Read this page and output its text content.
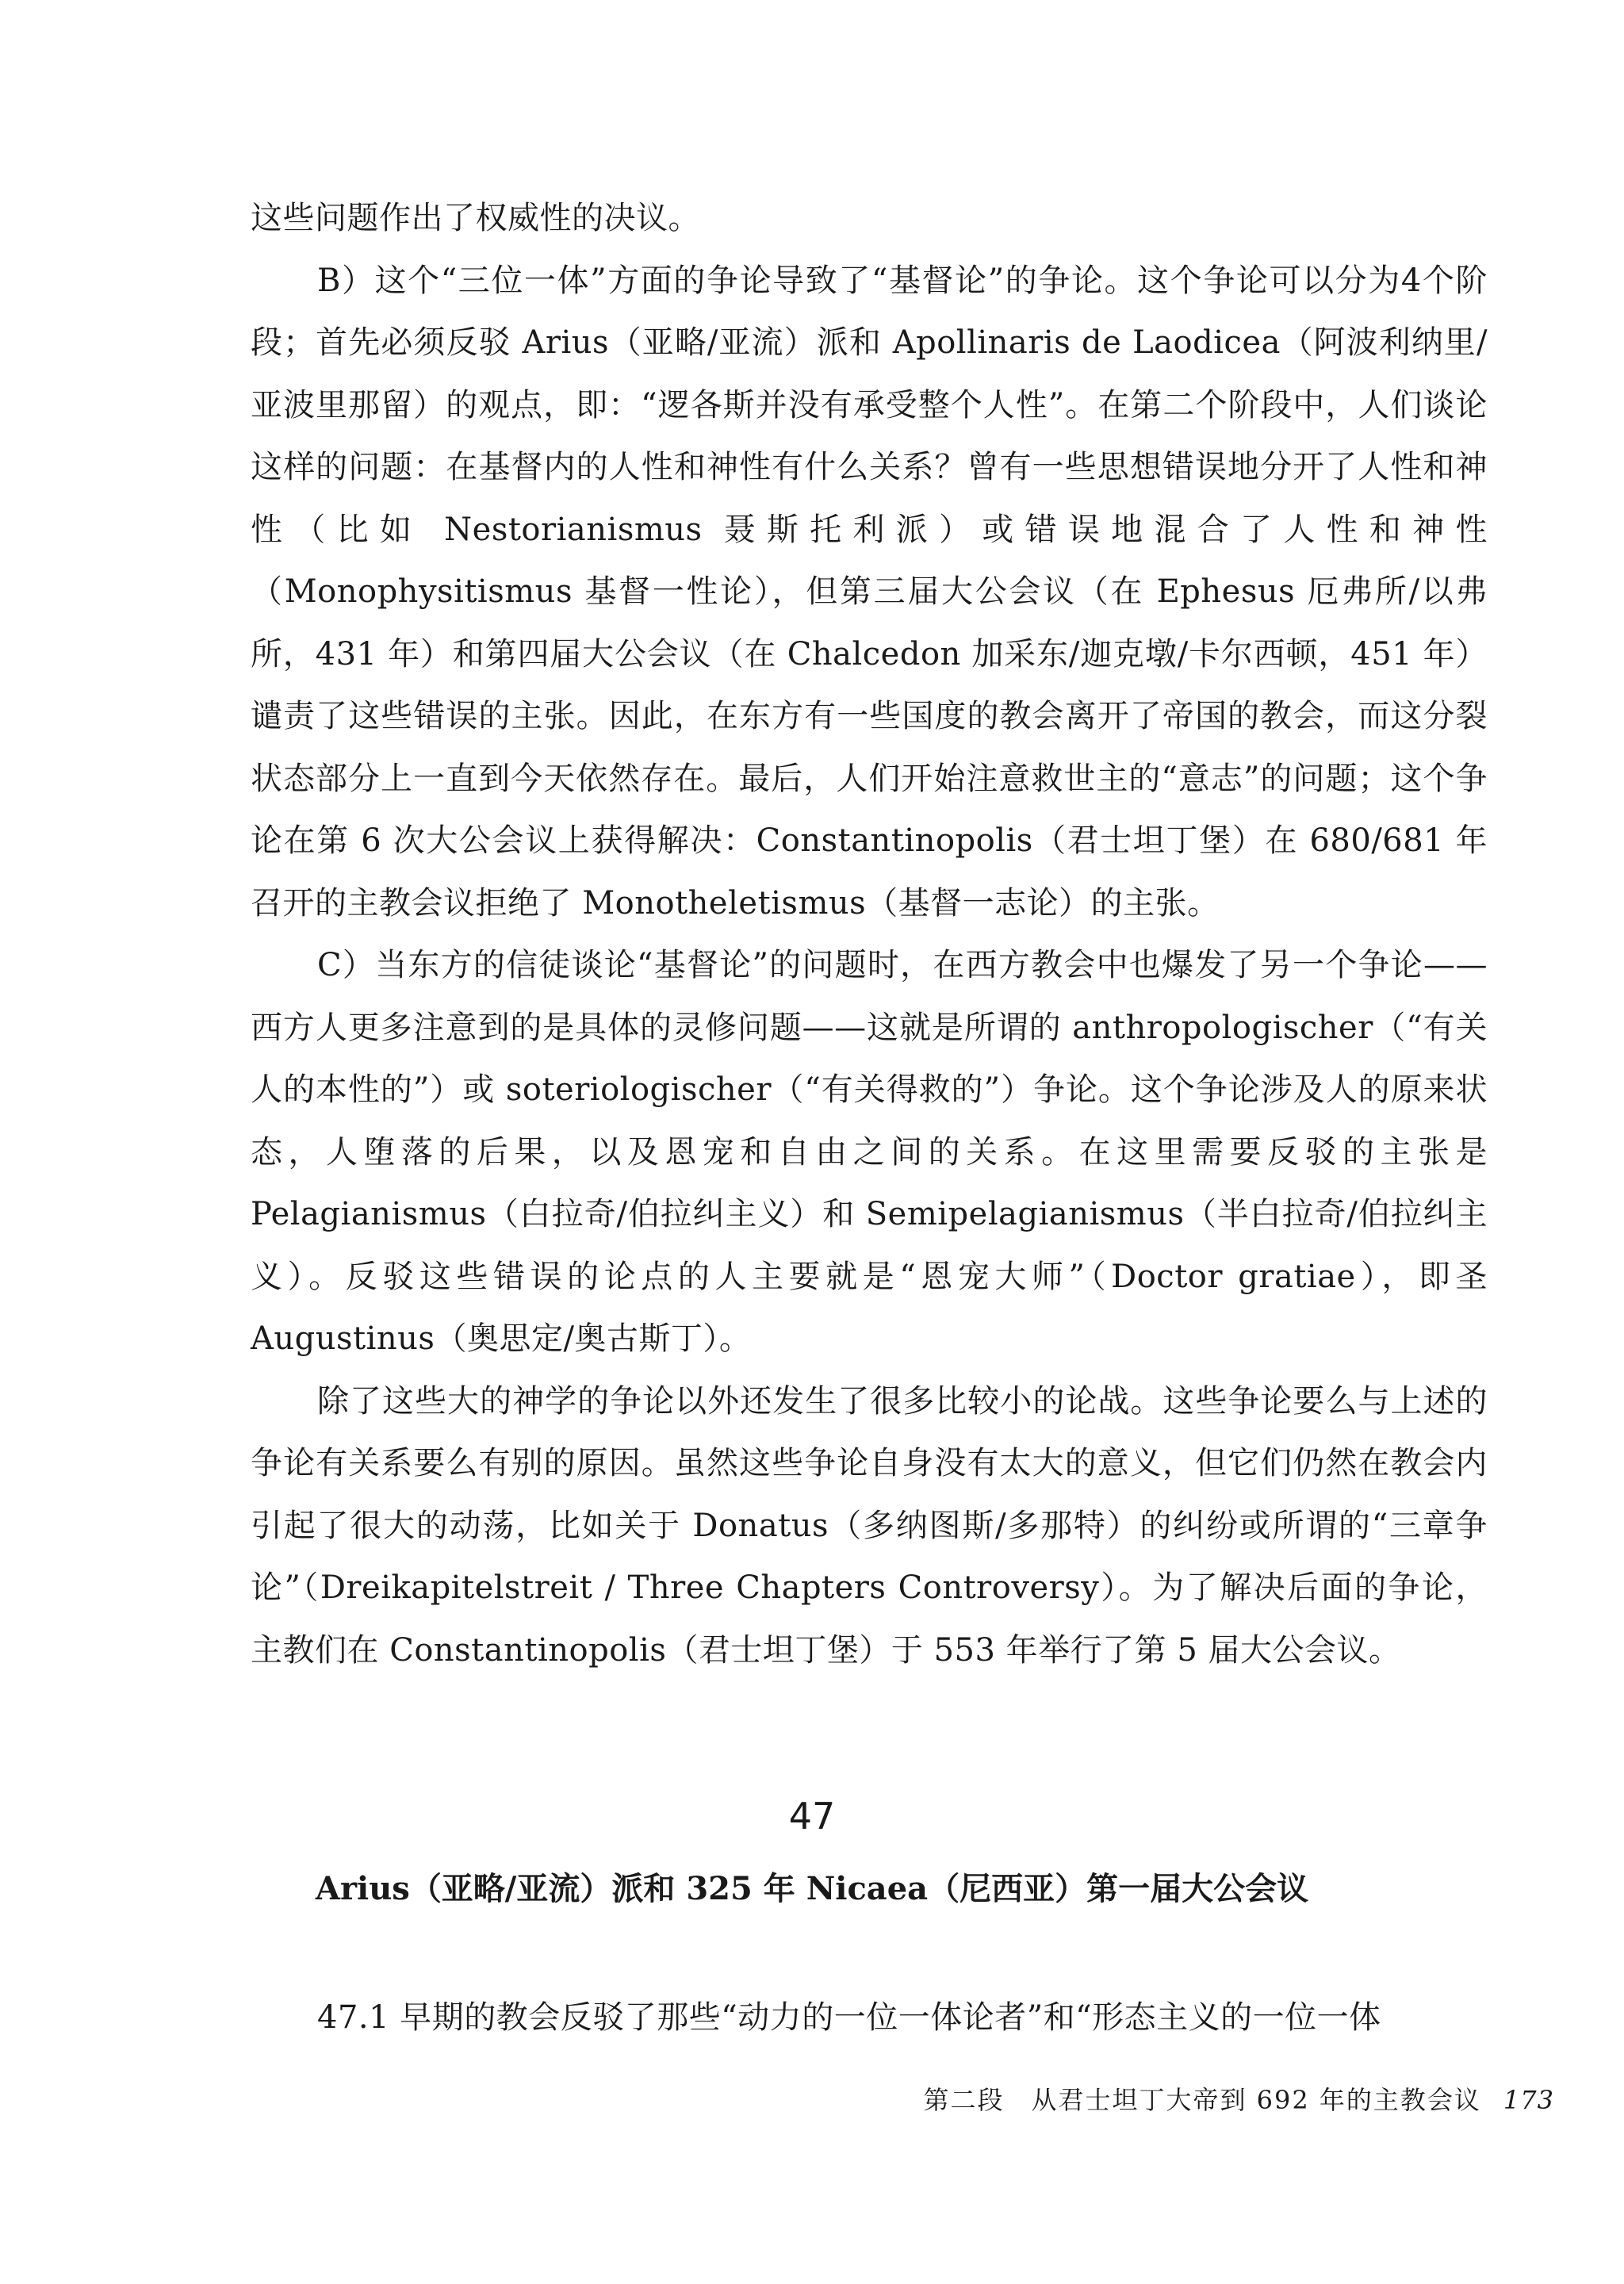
这些问题作出了权威性的决议。

B）这个“三位一体”方面的争论导致了“基督论”的争论。这个争论可以分为4个阶段；首先必须反驳 Arius（亚略/亚流）派和 Apollinaris de Laodicea（阿波利纳里/亚波里那留）的观点，即：“逻各斯并没有承受整个人性”。在第二个阶段中，人们谈论这样的问题：在基督内的人性和神性有什么关系？曾有一些思想错误地分开了人性和神性（比如 Nestorianismus 聂斯托利派）或错误地混合了人性和神性（Monophysitismus 基督一性论），但第三届大公会议（在 Ephesus 厄弗所/以弗所，431 年）和第四届大公会议（在 Chalcedon 加采东/迦克墩/卡尔西顿，451 年）谴责了这些错误的主张。因此，在东方有一些国度的教会离开了帝国的教会，而这分裂状态部分上一直到今天依然存在。最后，人们开始注意救世主的“意志”的问题；这个争论在第 6 次大公会议上获得解决：Constantinopolis（君士坦丁堡）在 680/681 年召开的主教会议拒绝了 Monotheletismus（基督一志论）的主张。

C）当东方的信徒谈论“基督论”的问题时，在西方教会中也爆发了另一个争论——西方人更多注意到的是具体的灵修问题——这就是所谓的 anthropologischer（“有关人的本性的”）或 soteriologischer（“有关得救的”）争论。这个争论涉及人的原来状态，人堕落的后果，以及恩宠和自由之间的关系。在这里需要反驳的主张是 Pelagianismus（白拉奇/伯拉纠主义）和 Semipelagianismus（半白拉奇/伯拉纠主义）。反驳这些错误的论点的人主要就是“恩宠大师”（Doctor gratiae），即圣 Augustinus（奥思定/奥古斯丁）。

除了这些大的神学的争论以外还发生了很多比较小的论战。这些争论要么与上述的争论有关系要么有别的原因。虽然这些争论自身没有太大的意义，但它们仍然在教会内引起了很大的动荡，比如关于 Donatus（多纳图斯/多那特）的纠纷或所谓的“三章争论”（Dreikapitelstreit / Three Chapters Controversy）。为了解决后面的争论，主教们在 Constantinopolis（君士坦丁堡）于 553 年举行了第 5 届大公会议。

47
Arius（亚略/亚流）派和 325 年 Nicaea（尼西亚）第一届大公会议
47.1 早期的教会反驳了那些“动力的一位一体论者”和“形态主义的一位一体
第二段　从君士坦丁大帝到 692 年的主教会议 173
